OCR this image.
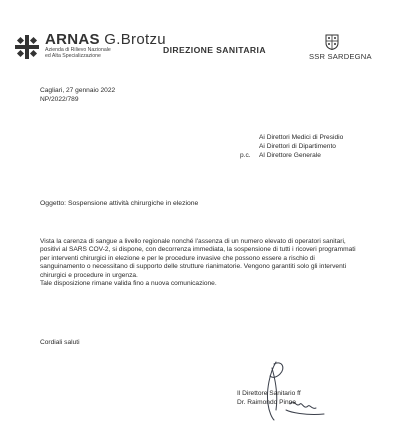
ARNAS G.Brotzu
Azienda di Rilievo Nazionale
ed Alta Specializzazione
DIREZIONE SANITARIA
SSR SARDEGNA
Cagliari, 27 gennaio 2022
NP/2022/789
Ai Direttori Medici di Presidio
Ai Direttori di Dipartimento
p.c. Al Direttore Generale
Oggetto: Sospensione attività chirurgiche in elezione
Vista la carenza di sangue a livello regionale nonché l'assenza di un numero elevato di operatori sanitari,
positivi al SARS COV-2, si dispone, con decorrenza immediata, la sospensione di tutti i ricoveri programmati
per interventi chirurgici in elezione e per le procedure invasive che possono essere a rischio di
sanguinamento o necessitano di supporto delle strutture rianimatorie. Vengono garantiti solo gli interventi
chirurgici e procedure in urgenza.
Tale disposizione rimane valida fino a nuova comunicazione.
Cordiali saluti
Il Direttore Sanitario ff
Dr. Raimondo Pinna
